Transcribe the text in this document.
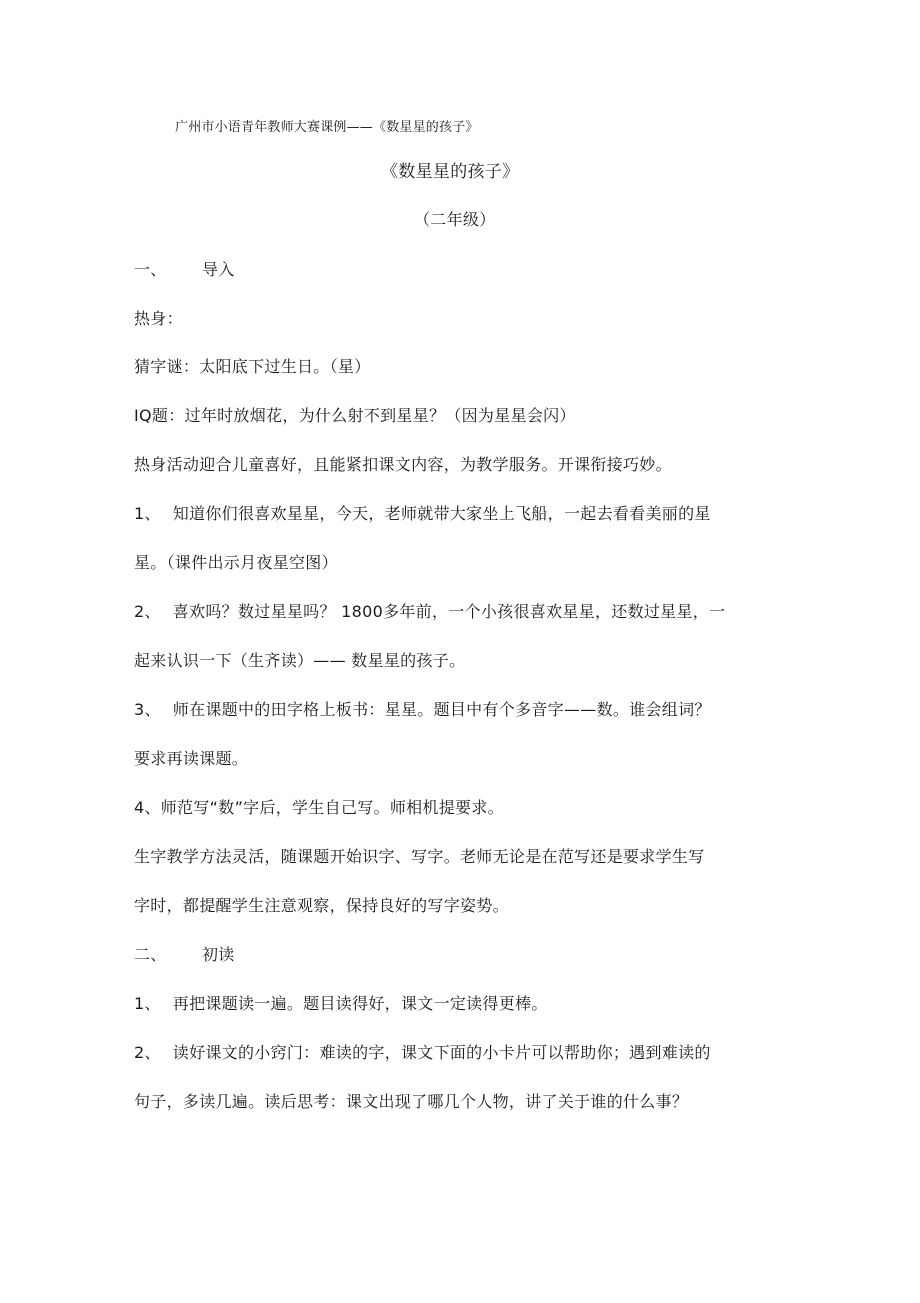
广州市小语青年教师大赛课例——《数星星的孩子》
《数星星的孩子》
（二年级）
一、 导入
热身：
猜字谜：太阳底下过生日。（星）
IQ题：过年时放烟花，为什么射不到星星？（因为星星会闪）
热身活动迎合儿童喜好，且能紧扣课文内容，为教学服务。开课衔接巧妙。
1、 知道你们很喜欢星星，今天，老师就带大家坐上飞船，一起去看看美丽的星
星。（课件出示月夜星空图）
2、 喜欢吗？数过星星吗？ 1800多年前，一个小孩很喜欢星星，还数过星星，一
起来认识一下（生齐读）—— 数星星的孩子。
3、 师在课题中的田字格上板书：星星。题目中有个多音字——数。谁会组词？
要求再读课题。
4、师范写“数”字后，学生自己写。师相机提要求。
生字教学方法灵活，随课题开始识字、写字。老师无论是在范写还是要求学生写
字时，都提醒学生注意观察，保持良好的写字姿势。
二、 初读
1、 再把课题读一遍。题目读得好，课文一定读得更棒。
2、 读好课文的小窍门：难读的字，课文下面的小卡片可以帮助你；遇到难读的
句子，多读几遍。读后思考：课文出现了哪几个人物，讲了关于谁的什么事？
